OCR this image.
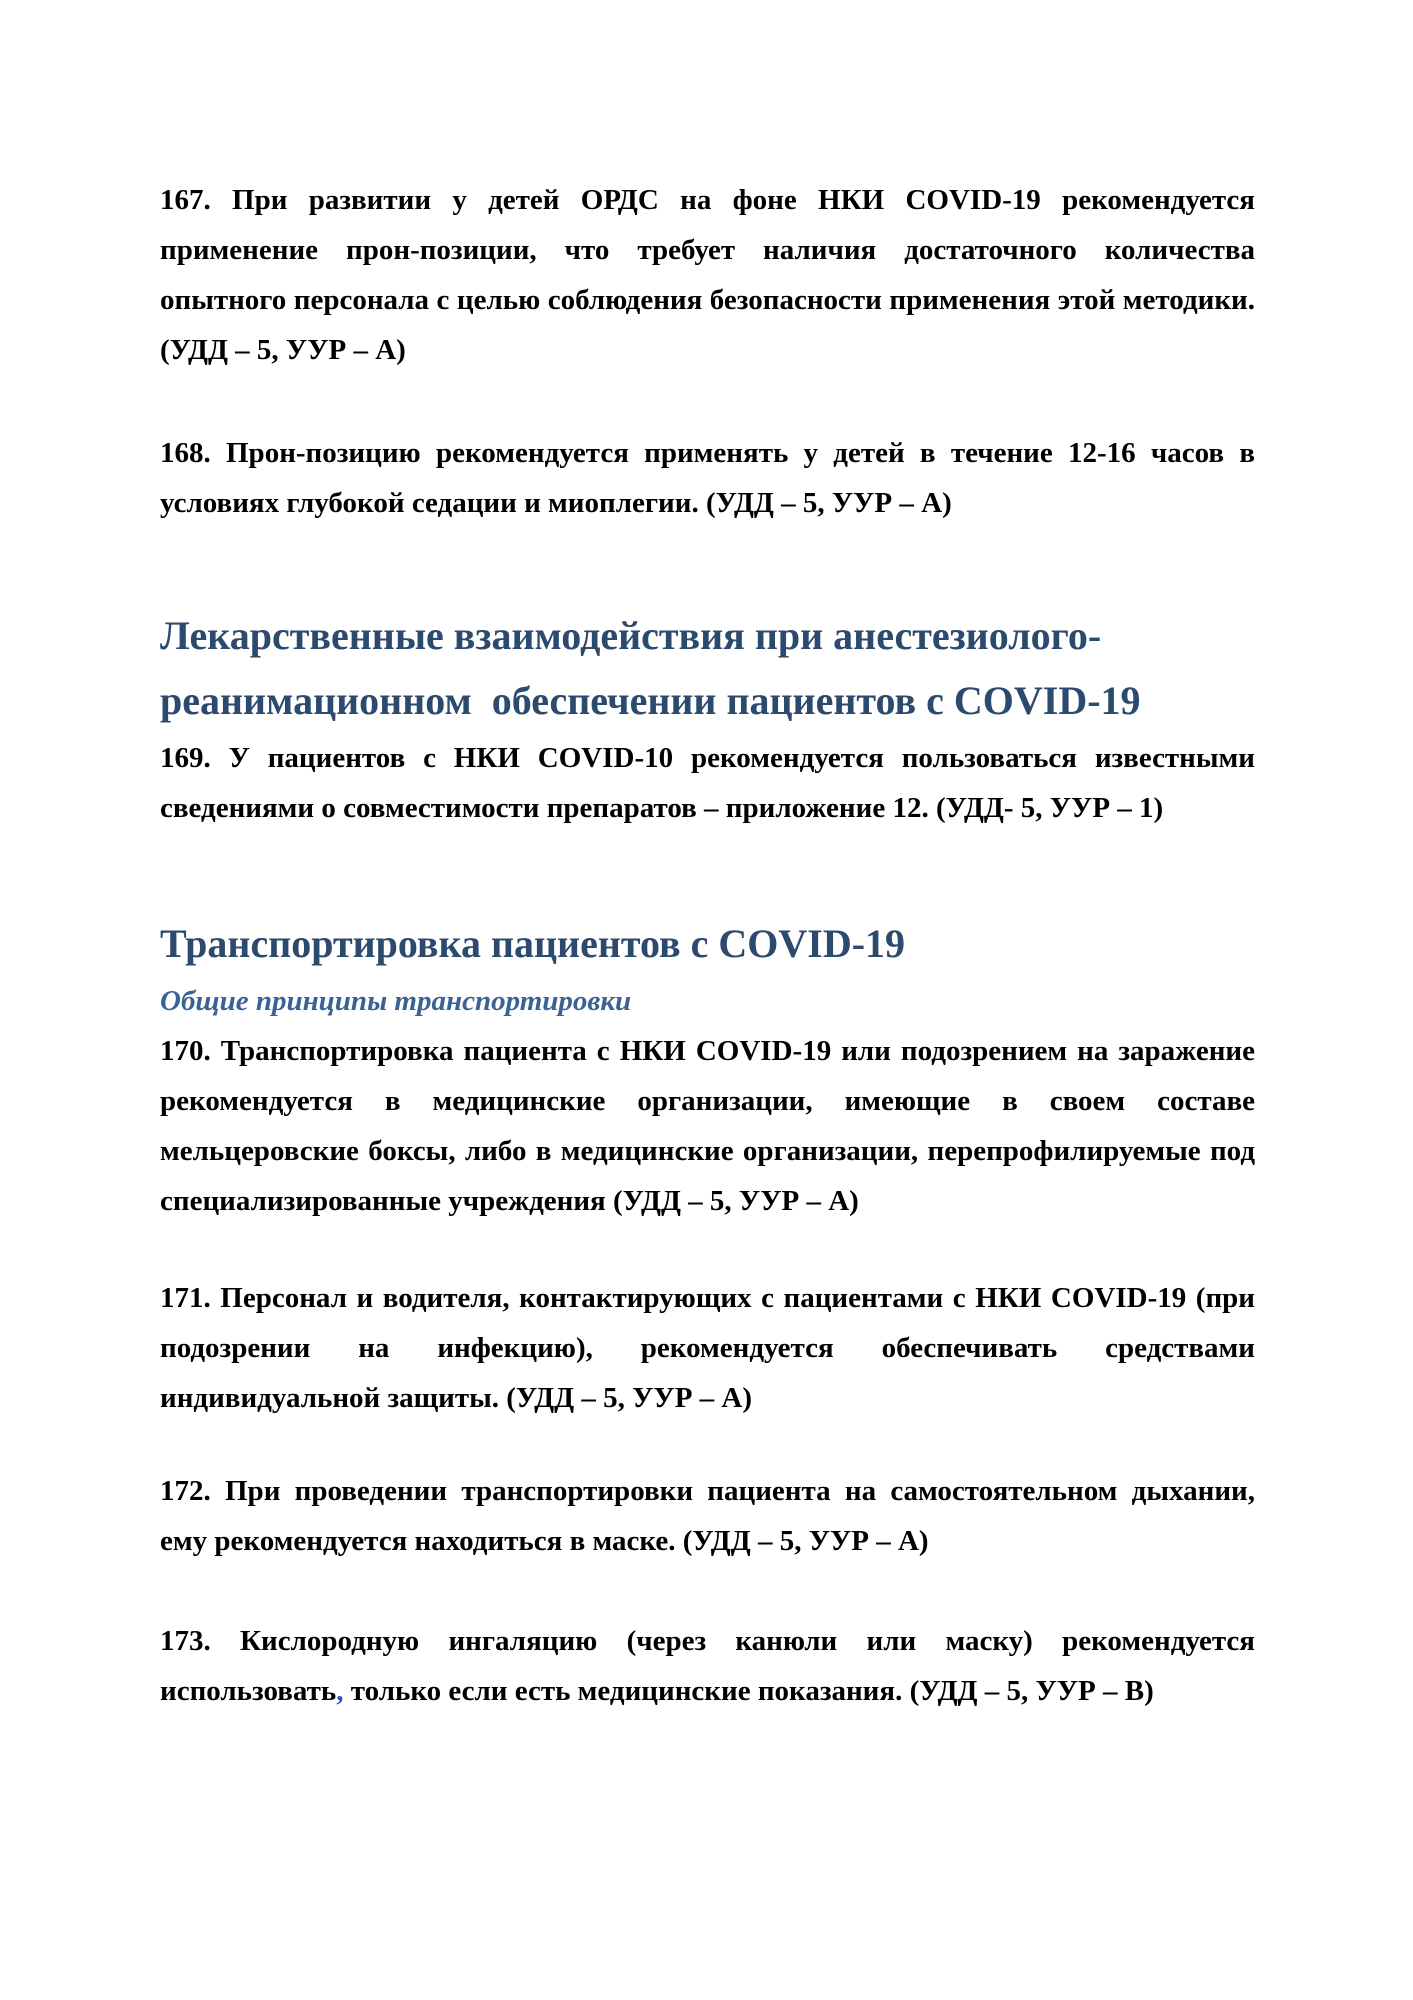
167. При развитии у детей ОРДС на фоне НКИ COVID-19 рекомендуется применение прон-позиции, что требует наличия достаточного количества опытного персонала с целью соблюдения безопасности применения этой методики. (УДД – 5, УУР – А)

168. Прон-позицию рекомендуется применять у детей в течение 12-16 часов в условиях глубокой седации и миоплегии. (УДД – 5, УУР – А)

Лекарственные взаимодействия при анестезиолого-
реанимационном  обеспечении пациентов с COVID-19

169. У пациентов с НКИ COVID-10 рекомендуется пользоваться известными сведениями о совместимости препаратов – приложение 12. (УДД- 5, УУР – 1)

Транспортировка пациентов с COVID-19
Общие принципы транспортировки

170. Транспортировка пациента с НКИ COVID-19 или подозрением на заражение рекомендуется в медицинские организации, имеющие в своем составе мельцеровские боксы, либо в медицинские организации, перепрофилируемые под специализированные учреждения (УДД – 5, УУР – А)

171. Персонал и водителя, контактирующих с пациентами с НКИ COVID-19 (при подозрении на инфекцию), рекомендуется обеспечивать средствами индивидуальной защиты. (УДД – 5, УУР – А)

172. При проведении транспортировки пациента на самостоятельном дыхании, ему рекомендуется находиться в маске. (УДД – 5, УУР – А)

173. Кислородную ингаляцию (через канюли или маску) рекомендуется использовать, только если есть медицинские показания. (УДД – 5, УУР – В)
